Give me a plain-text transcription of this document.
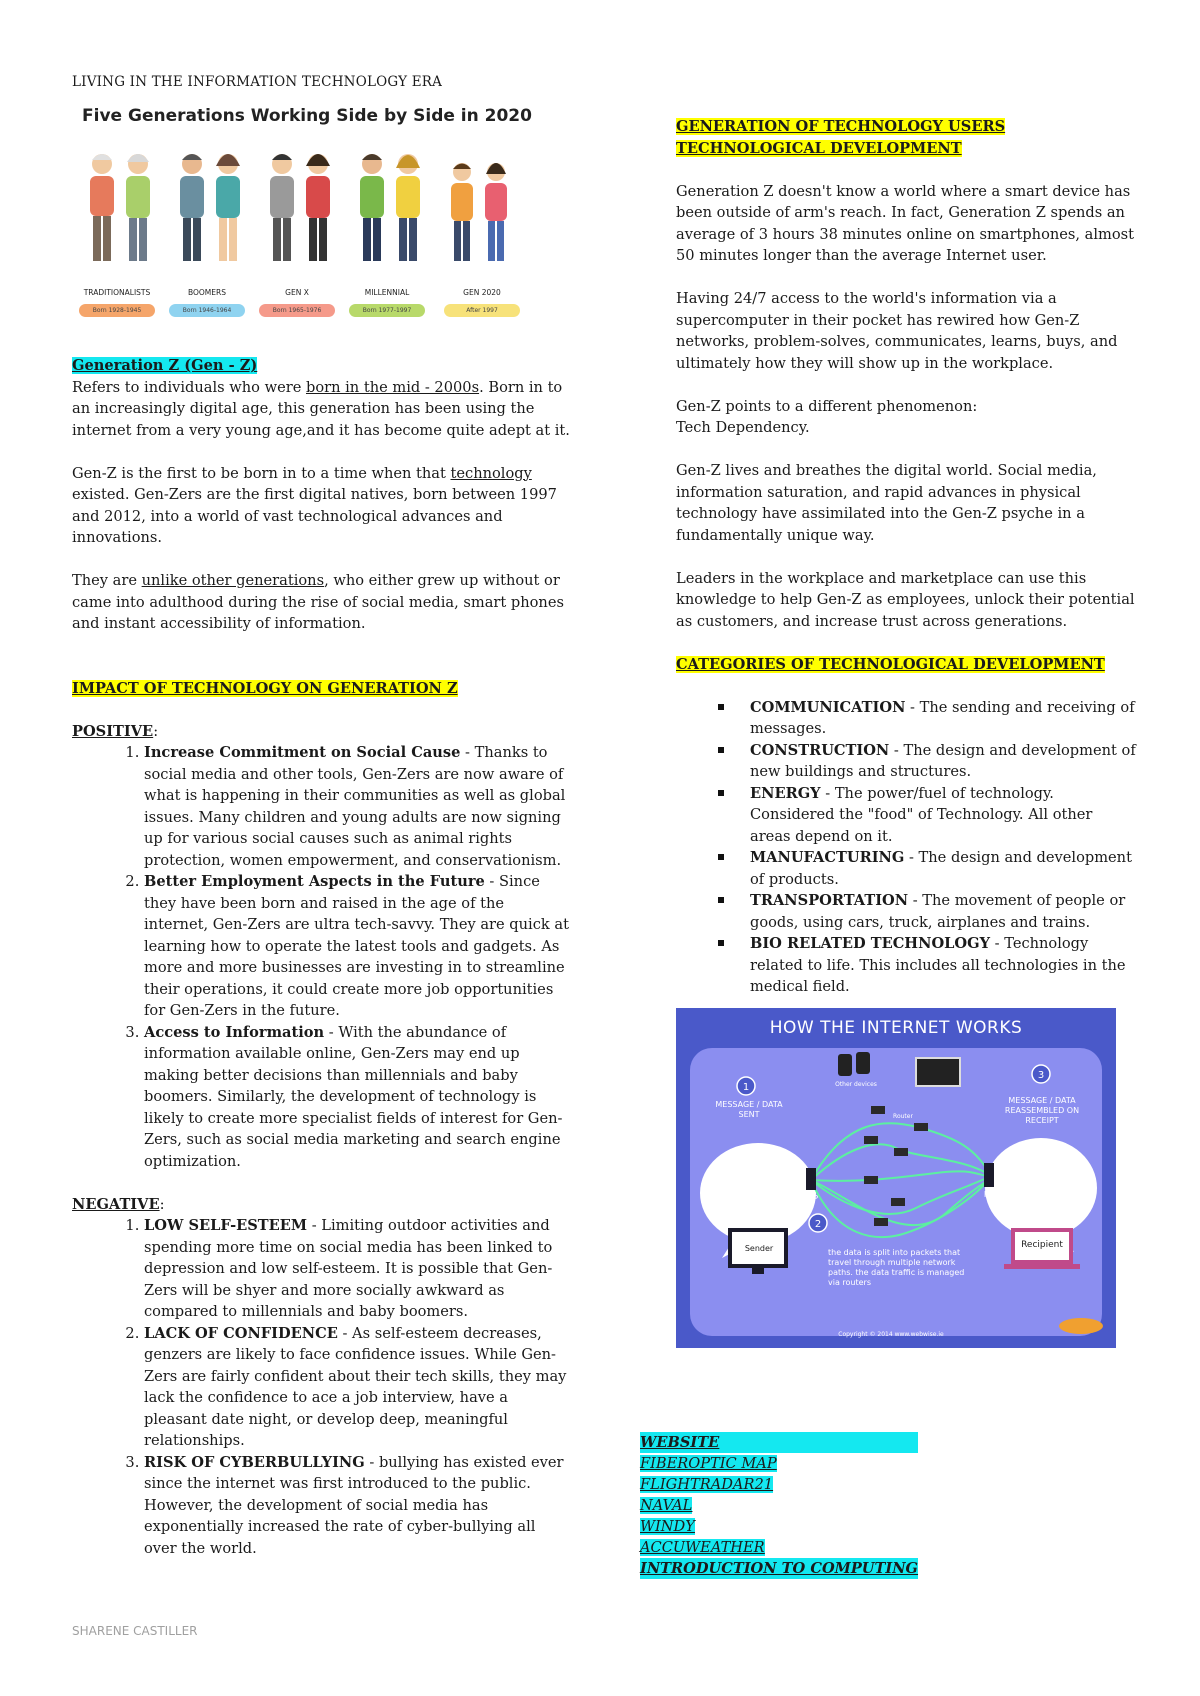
LIVING IN THE INFORMATION TECHNOLOGY ERA
Five Generations Working Side by Side in 2020
TRADITIONALISTS
Born 1928-1945
BOOMERS
Born 1946-1964
GEN X
Born 1965-1976
MILLENNIAL
Born 1977-1997
GEN 2020
After 1997

Generation Z (Gen - Z)

Refers to individuals who were born in the mid - 2000s. Born in to an increasingly digital age, this generation has been using the internet from a very young age,and it has become quite adept at it.

Gen-Z is the first to be born in to a time when that technology existed. Gen-Zers are the first digital natives, born between 1997 and 2012, into a world of vast technological advances and innovations.

They are unlike other generations, who either grew up without or came into adulthood during the rise of social media, smart phones and instant accessibility of information.

IMPACT OF TECHNOLOGY ON GENERATION Z

POSITIVE:

1. Increase Commitment on Social Cause - Thanks to social media and other tools, Gen-Zers are now aware of what is happening in their communities as well as global issues. Many children and young adults are now signing up for various social causes such as animal rights protection, women empowerment, and conservationism.
2. Better Employment Aspects in the Future - Since they have been born and raised in the age of the internet, Gen-Zers are ultra tech-savvy. They are quick at learning how to operate the latest tools and gadgets. As more and more businesses are investing in to streamline their operations, it could create more job opportunities for Gen-Zers in the future.
3. Access to Information - With the abundance of information available online, Gen-Zers may end up making better decisions than millennials and baby boomers. Similarly, the development of technology is likely to create more specialist fields of interest for Gen-Zers, such as social media marketing and search engine optimization.

NEGATIVE:

1. LOW SELF-ESTEEM - Limiting outdoor activities and spending more time on social media has been linked to depression and low self-esteem. It is possible that Gen-Zers will be shyer and more socially awkward as compared to millennials and baby boomers.
2. LACK OF CONFIDENCE - As self-esteem decreases, genzers are likely to face confidence issues. While Gen-Zers are fairly confident about their tech skills, they may lack the confidence to ace a job interview, have a pleasant date night, or develop deep, meaningful relationships.
3. RISK OF CYBERBULLYING - bullying has existed ever since the internet was first introduced to the public. However, the development of social media has exponentially increased the rate of cyber-bullying all over the world.

GENERATION OF TECHNOLOGY USERS

TECHNOLOGICAL DEVELOPMENT

Generation Z doesn't know a world where a smart device has been outside of arm's reach. In fact, Generation Z spends an average of 3 hours 38 minutes online on smartphones, almost 50 minutes longer than the average Internet user.

Having 24/7 access to the world's information via a supercomputer in their pocket has rewired how Gen-Z networks, problem-solves, communicates, learns, buys, and ultimately how they will show up in the workplace.

Gen-Z points to a different phenomenon:

Tech Dependency.

Gen-Z lives and breathes the digital world. Social media, information saturation, and rapid advances in physical technology have assimilated into the Gen-Z psyche in a fundamentally unique way.

Leaders in the workplace and marketplace can use this knowledge to help Gen-Z as employees, unlock their potential as customers, and increase trust across generations.

CATEGORIES OF TECHNOLOGICAL DEVELOPMENT

COMMUNICATION - The sending and receiving of messages.
CONSTRUCTION - The design and development of new buildings and structures.
ENERGY - The power/fuel of technology. Considered the "food" of Technology. All other areas depend on it.
MANUFACTURING - The design and development of products.
TRANSPORTATION - The movement of people or goods, using cars, truck, airplanes and trains.
BIO RELATED TECHNOLOGY - Technology related to life. This includes all technologies in the medical field.
1
2
3
HOW THE INTERNET WORKS
MESSAGE / DATA SENT
the data is split into packets that travel through multiple network paths. the data traffic is managed via routers
MESSAGE / DATA REASSEMBLED ON RECEIPT
Sender	Recipient
ISP	ISP
Router
Other devices
Copyright © 2014 www.webwise.ie
WEBSITE
FIBEROPTIC MAP
FLIGHTRADAR21
NAVAL
WINDY
ACCUWEATHER
INTRODUCTION TO COMPUTING
SHARENE CASTILLER
